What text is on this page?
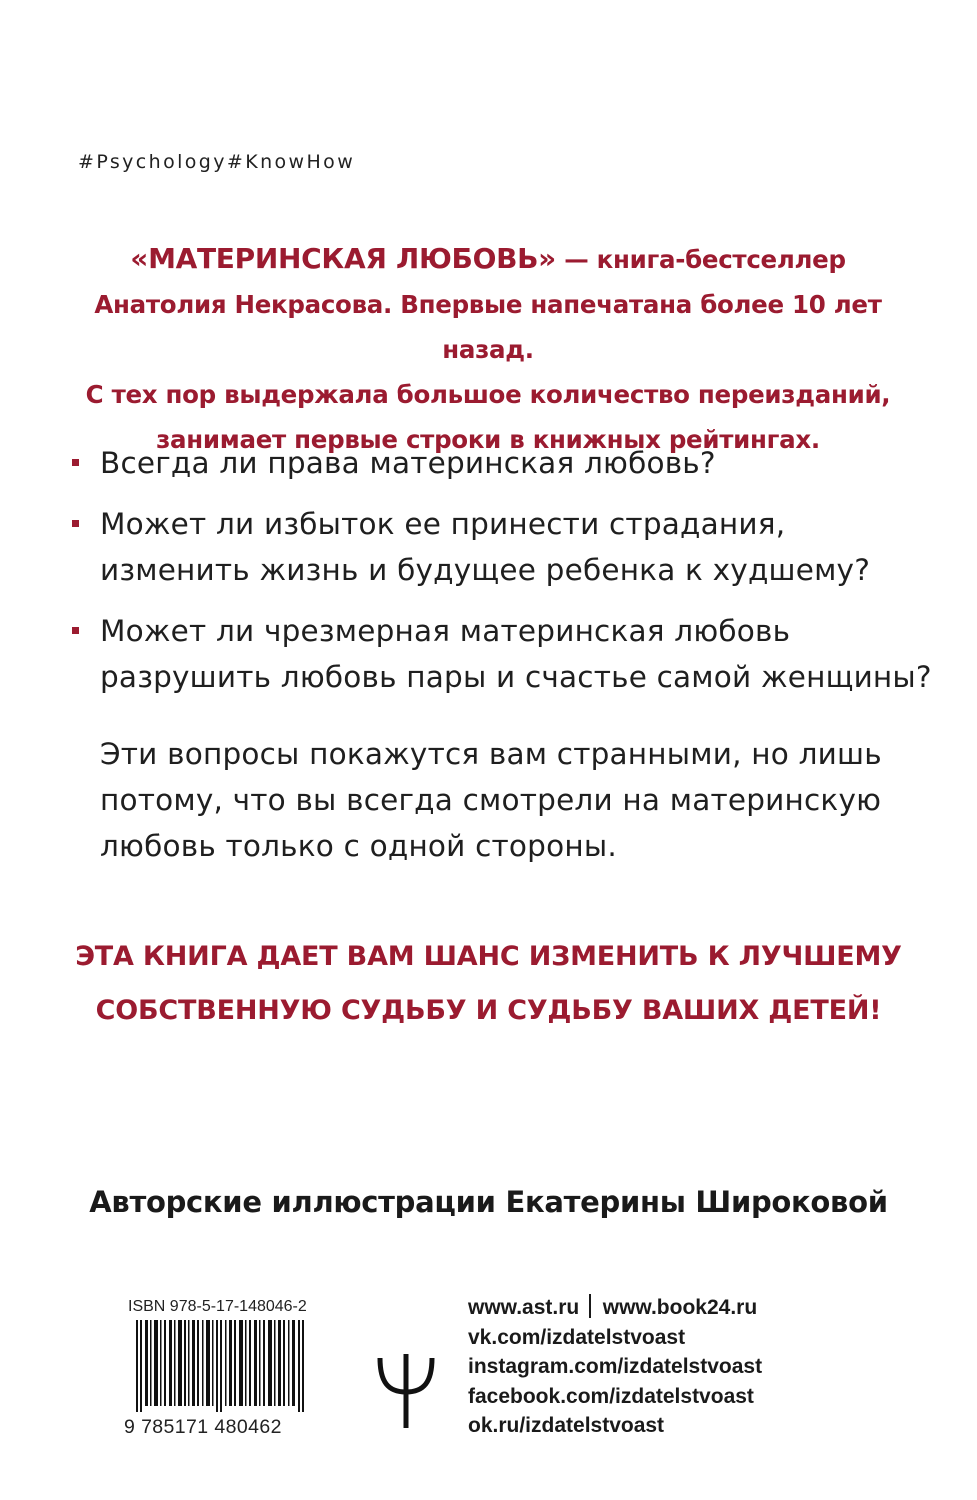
#Psychology#KnowHow
«МАТЕРИНСКАЯ ЛЮБОВЬ» — книга-бестселлер
Анатолия Некрасова. Впервые напечатана более 10 лет назад.
С тех пор выдержала большое количество переизданий,
занимает первые строки в книжных рейтингах.
Всегда ли права материнская любовь?
Может ли избыток ее принести страдания,
изменить жизнь и будущее ребенка к худшему?
Может ли чрезмерная материнская любовь
разрушить любовь пары и счастье самой женщины?
Эти вопросы покажутся вам странными, но лишь
потому, что вы всегда смотрели на материнскую
любовь только с одной стороны.
ЭТА КНИГА ДАЕТ ВАМ ШАНС ИЗМЕНИТЬ К ЛУЧШЕМУ
СОБСТВЕННУЮ СУДЬБУ И СУДЬБУ ВАШИХ ДЕТЕЙ!
Авторские иллюстрации Екатерины Широковой
ISBN 978-5-17-148046-2
9 785171 480462
www.ast.ru www.book24.ru
vk.com/izdatelstvoast
instagram.com/izdatelstvoast
facebook.com/izdatelstvoast
ok.ru/izdatelstvoast
